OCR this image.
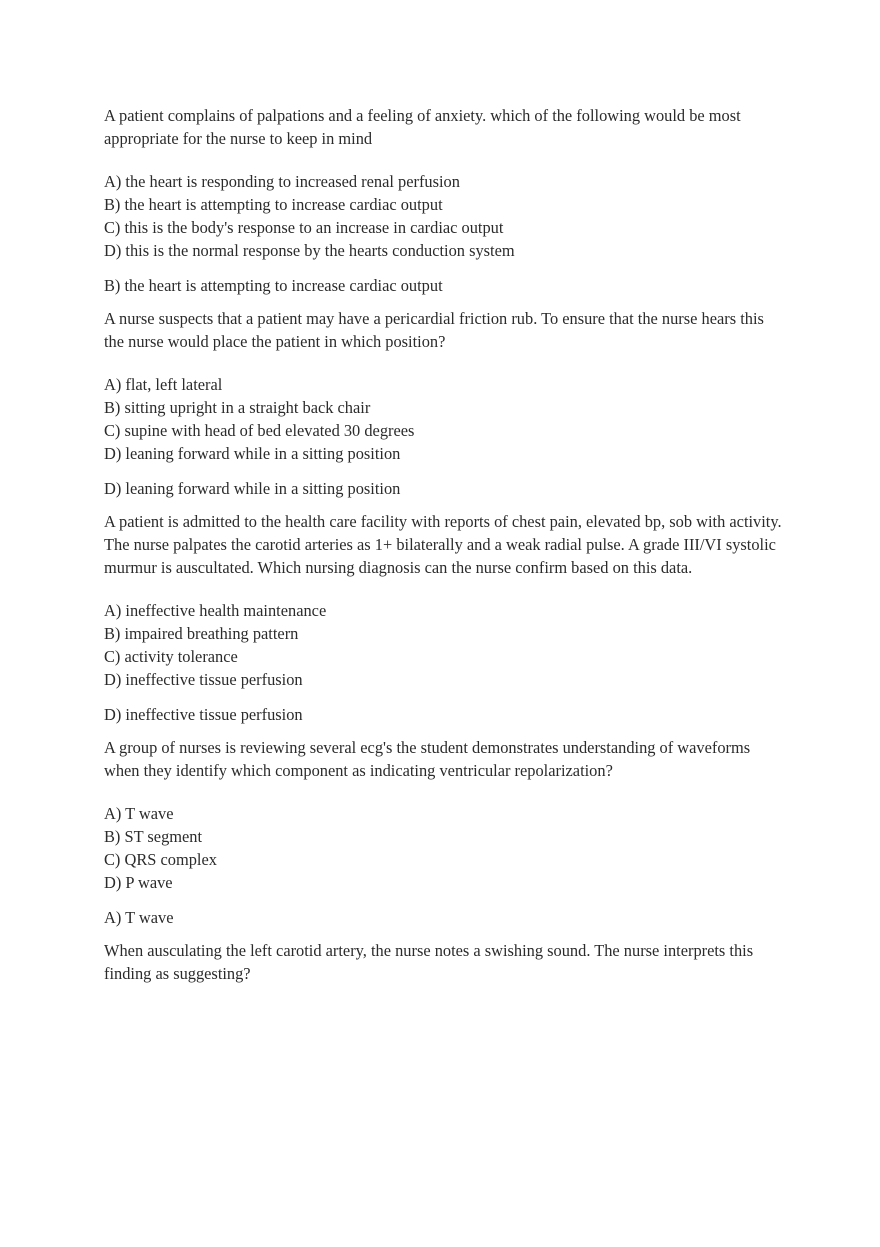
A patient complains of palpations and a feeling of anxiety. which of the following would be most appropriate for the nurse to keep in mind

A) the heart is responding to increased renal perfusion
B) the heart is attempting to increase cardiac output
C) this is the body's response to an increase in cardiac output
D) this is the normal response by the hearts conduction system

B) the heart is attempting to increase cardiac output

A nurse suspects that a patient may have a pericardial friction rub. To ensure that the nurse hears this the nurse would place the patient in which position?

A) flat, left lateral
B) sitting upright in a straight back chair
C) supine with head of bed elevated 30 degrees
D) leaning forward while in a sitting position

D) leaning forward while in a sitting position

A patient is admitted to the health care facility with reports of chest pain, elevated bp, sob with activity. The nurse palpates the carotid arteries as 1+ bilaterally and a weak radial pulse. A grade III/VI systolic murmur is auscultated. Which nursing diagnosis can the nurse confirm based on this data.

A) ineffective health maintenance
B) impaired breathing pattern
C) activity tolerance
D) ineffective tissue perfusion

D) ineffective tissue perfusion

A group of nurses is reviewing several ecg's the student demonstrates understanding of waveforms when they identify which component as indicating ventricular repolarization?

A) T wave
B) ST segment
C) QRS complex
D) P wave

A) T wave

When ausculating the left carotid artery, the nurse notes a swishing sound. The nurse interprets this finding as suggesting?
